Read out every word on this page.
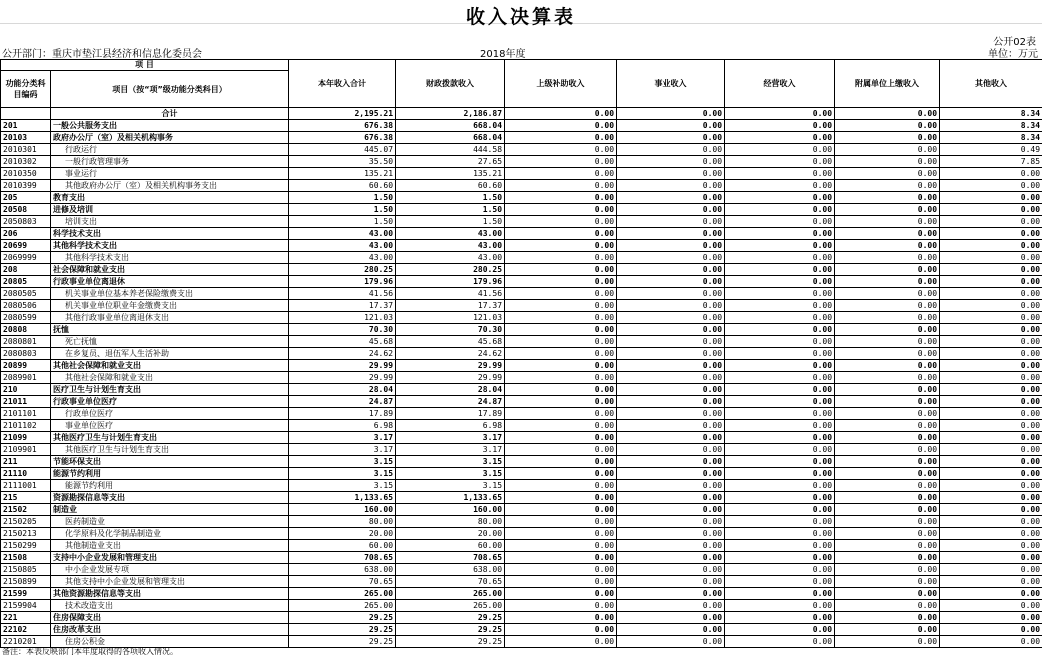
收入决算表
公开02表
公开部门：重庆市垫江县经济和信息化委员会	2018年度	单位：万元
项 目		本年收入合计	财政拨款收入	上级补助收入	事业收入	经营收入	附属单位上缴收入	其他收入
功能分类科目编码	项目（按“项”级功能分类科目）							
	合计	2,195.21	2,186.87	0.00	0.00	0.00	0.00	8.34
201	一般公共服务支出	676.38	668.04	0.00	0.00	0.00	0.00	8.34
20103	政府办公厅（室）及相关机构事务	676.38	668.04	0.00	0.00	0.00	0.00	8.34
2010301	行政运行	445.07	444.58	0.00	0.00	0.00	0.00	0.49
2010302	一般行政管理事务	35.50	27.65	0.00	0.00	0.00	0.00	7.85
2010350	事业运行	135.21	135.21	0.00	0.00	0.00	0.00	0.00
2010399	其他政府办公厅（室）及相关机构事务支出	60.60	60.60	0.00	0.00	0.00	0.00	0.00
205	教育支出	1.50	1.50	0.00	0.00	0.00	0.00	0.00
20508	进修及培训	1.50	1.50	0.00	0.00	0.00	0.00	0.00
2050803	培训支出	1.50	1.50	0.00	0.00	0.00	0.00	0.00
206	科学技术支出	43.00	43.00	0.00	0.00	0.00	0.00	0.00
20699	其他科学技术支出	43.00	43.00	0.00	0.00	0.00	0.00	0.00
2069999	其他科学技术支出	43.00	43.00	0.00	0.00	0.00	0.00	0.00
208	社会保障和就业支出	280.25	280.25	0.00	0.00	0.00	0.00	0.00
20805	行政事业单位离退休	179.96	179.96	0.00	0.00	0.00	0.00	0.00
2080505	机关事业单位基本养老保险缴费支出	41.56	41.56	0.00	0.00	0.00	0.00	0.00
2080506	机关事业单位职业年金缴费支出	17.37	17.37	0.00	0.00	0.00	0.00	0.00
2080599	其他行政事业单位离退休支出	121.03	121.03	0.00	0.00	0.00	0.00	0.00
20808	抚恤	70.30	70.30	0.00	0.00	0.00	0.00	0.00
2080801	死亡抚恤	45.68	45.68	0.00	0.00	0.00	0.00	0.00
2080803	在乡复员、退伍军人生活补助	24.62	24.62	0.00	0.00	0.00	0.00	0.00
20899	其他社会保障和就业支出	29.99	29.99	0.00	0.00	0.00	0.00	0.00
2089901	其他社会保障和就业支出	29.99	29.99	0.00	0.00	0.00	0.00	0.00
210	医疗卫生与计划生育支出	28.04	28.04	0.00	0.00	0.00	0.00	0.00
21011	行政事业单位医疗	24.87	24.87	0.00	0.00	0.00	0.00	0.00
2101101	行政单位医疗	17.89	17.89	0.00	0.00	0.00	0.00	0.00
2101102	事业单位医疗	6.98	6.98	0.00	0.00	0.00	0.00	0.00
21099	其他医疗卫生与计划生育支出	3.17	3.17	0.00	0.00	0.00	0.00	0.00
2109901	其他医疗卫生与计划生育支出	3.17	3.17	0.00	0.00	0.00	0.00	0.00
211	节能环保支出	3.15	3.15	0.00	0.00	0.00	0.00	0.00
21110	能源节约利用	3.15	3.15	0.00	0.00	0.00	0.00	0.00
2111001	能源节约利用	3.15	3.15	0.00	0.00	0.00	0.00	0.00
215	资源勘探信息等支出	1,133.65	1,133.65	0.00	0.00	0.00	0.00	0.00
21502	制造业	160.00	160.00	0.00	0.00	0.00	0.00	0.00
2150205	医药制造业	80.00	80.00	0.00	0.00	0.00	0.00	0.00
2150213	化学原料及化学制品制造业	20.00	20.00	0.00	0.00	0.00	0.00	0.00
2150299	其他制造业支出	60.00	60.00	0.00	0.00	0.00	0.00	0.00
21508	支持中小企业发展和管理支出	708.65	708.65	0.00	0.00	0.00	0.00	0.00
2150805	中小企业发展专项	638.00	638.00	0.00	0.00	0.00	0.00	0.00
2150899	其他支持中小企业发展和管理支出	70.65	70.65	0.00	0.00	0.00	0.00	0.00
21599	其他资源勘探信息等支出	265.00	265.00	0.00	0.00	0.00	0.00	0.00
2159904	技术改造支出	265.00	265.00	0.00	0.00	0.00	0.00	0.00
221	住房保障支出	29.25	29.25	0.00	0.00	0.00	0.00	0.00
22102	住房改革支出	29.25	29.25	0.00	0.00	0.00	0.00	0.00
2210201	住房公积金	29.25	29.25	0.00	0.00	0.00	0.00	0.00
备注：本表反映部门本年度取得的各项收入情况。
